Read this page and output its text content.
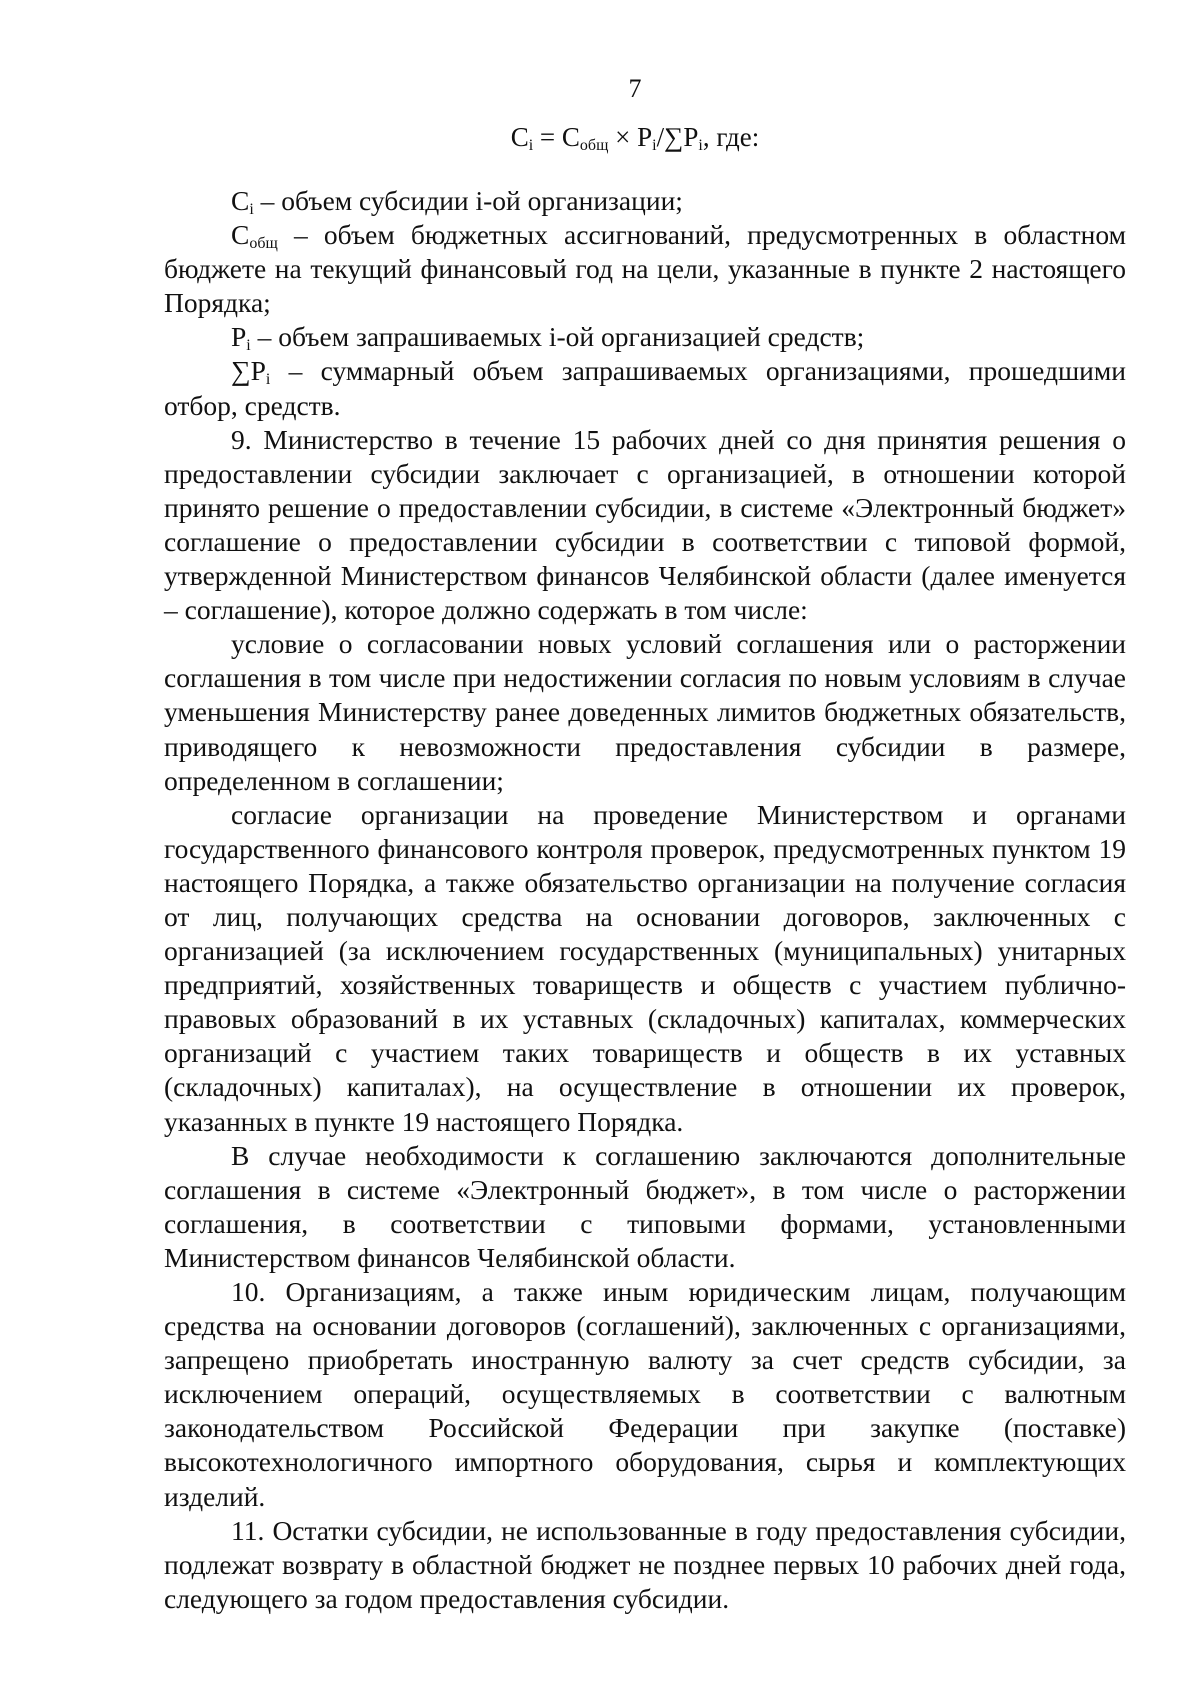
7
$C_i = C_{общ} \times P_i/\sum P_i$, где:

$C_i$ – объем субсидии i-ой организации;

$C_{общ}$ – объем бюджетных ассигнований, предусмотренных в областном бюджете на текущий финансовый год на цели, указанные в пункте 2 настоящего Порядка;

$P_i$ – объем запрашиваемых i-ой организацией средств;

$\sum P_i$ – суммарный объем запрашиваемых организациями, прошедшими отбор, средств.

9. Министерство в течение 15 рабочих дней со дня принятия решения о предоставлении субсидии заключает с организацией, в отношении которой принято решение о предоставлении субсидии, в системе «Электронный бюджет» соглашение о предоставлении субсидии в соответствии с типовой формой, утвержденной Министерством финансов Челябинской области (далее именуется – соглашение), которое должно содержать в том числе:

условие о согласовании новых условий соглашения или о расторжении соглашения в том числе при недостижении согласия по новым условиям в случае уменьшения Министерству ранее доведенных лимитов бюджетных обязательств, приводящего к невозможности предоставления субсидии в размере, определенном в соглашении;

согласие организации на проведение Министерством и органами государственного финансового контроля проверок, предусмотренных пунктом 19 настоящего Порядка, а также обязательство организации на получение согласия от лиц, получающих средства на основании договоров, заключенных с организацией (за исключением государственных (муниципальных) унитарных предприятий, хозяйственных товариществ и обществ с участием публично-правовых образований в их уставных (складочных) капиталах, коммерческих организаций с участием таких товариществ и обществ в их уставных (складочных) капиталах), на осуществление в отношении их проверок, указанных в пункте 19 настоящего Порядка.

В случае необходимости к соглашению заключаются дополнительные соглашения в системе «Электронный бюджет», в том числе о расторжении соглашения, в соответствии с типовыми формами, установленными Министерством финансов Челябинской области.

10. Организациям, а также иным юридическим лицам, получающим средства на основании договоров (соглашений), заключенных с организациями, запрещено приобретать иностранную валюту за счет средств субсидии, за исключением операций, осуществляемых в соответствии с валютным законодательством Российской Федерации при закупке (поставке) высокотехнологичного импортного оборудования, сырья и комплектующих изделий.

11. Остатки субсидии, не использованные в году предоставления субсидии, подлежат возврату в областной бюджет не позднее первых 10 рабочих дней года, следующего за годом предоставления субсидии.
